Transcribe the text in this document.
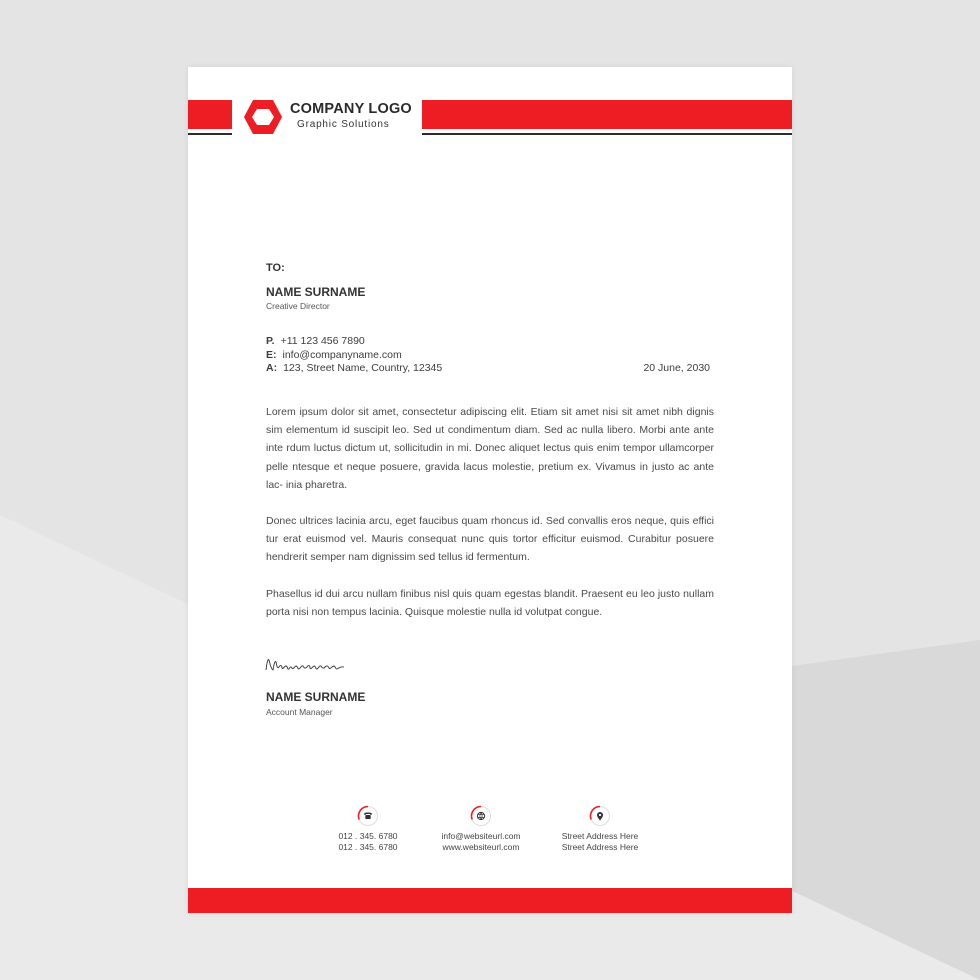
COMPANY LOGO
Graphic Solutions
TO:
NAME SURNAME
Creative Director
P. +11 123 456 7890
E: info@companyname.com
A: 123, Street Name, Country, 12345	20 June, 2030
Lorem ipsum dolor sit amet, consectetur adipiscing elit. Etiam sit amet nisi sit amet nibh dignis sim elementum id suscipit leo. Sed ut condimentum diam. Sed ac nulla libero. Morbi ante ante inte rdum luctus dictum ut, sollicitudin in mi. Donec aliquet lectus quis enim tempor ullamcorper pelle ntesque et neque posuere, gravida lacus molestie, pretium ex. Vivamus in justo ac ante lac- inia pharetra.
Donec ultrices lacinia arcu, eget faucibus quam rhoncus id. Sed convallis eros neque, quis effici tur erat euismod vel. Mauris consequat nunc quis tortor efficitur euismod. Curabitur posuere hendrerit semper nam dignissim sed tellus id fermentum.
Phasellus id dui arcu nullam finibus nisl quis quam egestas blandit. Praesent eu leo justo nullam porta nisi non tempus lacinia. Quisque molestie nulla id volutpat congue.
NAME SURNAME
Account Manager
012 . 345. 6780
012 . 345. 6780
info@websiteurl.com
www.websiteurl.com
Street Address Here
Street Address Here
